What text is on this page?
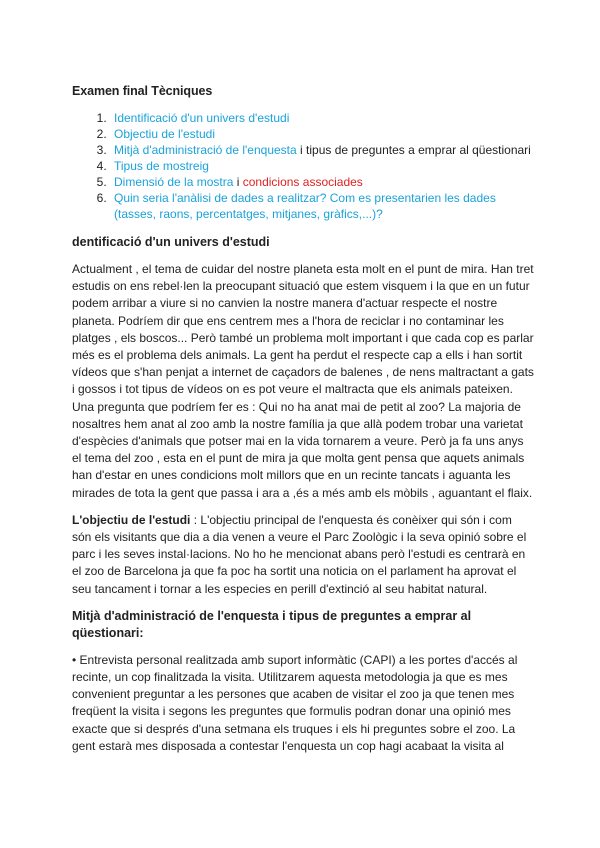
Examen final Tècniques
1. Identificació d'un univers d'estudi
2. Objectiu de l'estudi
3. Mitjà d'administració de l'enquesta i tipus de preguntes a emprar al qüestionari
4. Tipus de mostreig
5. Dimensió de la mostra i condicions associades
6. Quin seria l'anàlisi de dades a realitzar? Com es presentarien les dades (tasses, raons, percentatges, mitjanes, gràfics,...)?
dentificació d'un univers d'estudi

Actualment , el tema de cuidar del nostre planeta esta molt en el punt de mira. Han tret estudis on ens rebel·len la preocupant situació que estem visquem i la que en un futur podem arribar a viure si no canvien la nostre manera d'actuar respecte el nostre planeta. Podríem dir que ens centrem mes a l'hora de reciclar i no contaminar les platges , els boscos... Però també un problema molt important i que cada cop es parlar més es el problema dels animals. La gent ha perdut el respecte cap a ells i han sortit vídeos que s'han penjat a internet de caçadors de balenes , de nens maltractant a gats i gossos i tot tipus de vídeos on es pot veure el maltracta que els animals pateixen. Una pregunta que podríem fer es : Qui no ha anat mai de petit al zoo? La majoria de nosaltres hem anat al zoo amb la nostre família ja que allà podem trobar una varietat d'espècies d'animals que potser mai en la vida tornarem a veure. Però ja fa uns anys el tema del zoo , esta en el punt de mira ja que molta gent pensa que aquets animals han d'estar en unes condicions molt millors que en un recinte tancats i aguanta les mirades de tota la gent que passa i ara a ,és a més amb els mòbils , aguantant el flaix.

L'objectiu de l'estudi : L'objectiu principal de l'enquesta és conèixer qui són i com són els visitants que dia a dia venen a veure el Parc Zoològic i la seva opinió sobre el parc i les seves instal·lacions. No ho he mencionat abans però l'estudi es centrarà en el zoo de Barcelona ja que fa poc ha sortit una noticia on el parlament ha aprovat el seu tancament i tornar a les especies en perill d'extinció al seu habitat natural.

Mitjà d'administració de l'enquesta i tipus de preguntes a emprar al qüestionari:

• Entrevista personal realitzada amb suport informàtic (CAPI) a les portes d'accés al recinte, un cop finalitzada la visita. Utilitzarem aquesta metodologia ja que es mes convenient preguntar a les persones que acaben de visitar el zoo ja que tenen mes freqüent la visita i segons les preguntes que formulis podran donar una opinió mes exacte que si després d'una setmana els truques i els hi preguntes sobre el zoo. La gent estarà mes disposada a contestar l'enquesta un cop hagi acabaat la visita al
